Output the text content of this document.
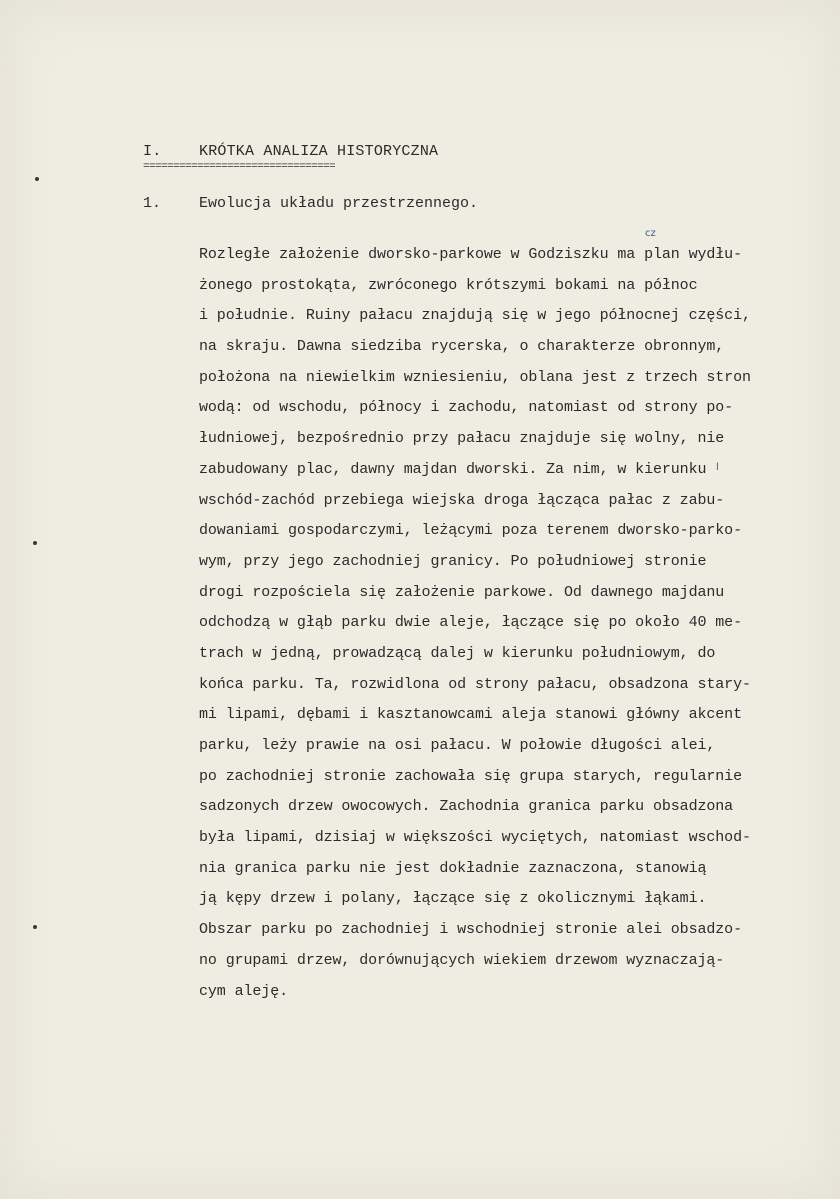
I.	KRÓTKA ANALIZA HISTORYCZNA
================================
1.	Ewolucja układu przestrzennego.
cz
l
Rozległe założenie dworsko-parkowe w Godziszku ma plan wydłu-
żonego prostokąta, zwróconego krótszymi bokami na północ
i południe. Ruiny pałacu znajdują się w jego północnej części,
na skraju. Dawna siedziba rycerska, o charakterze obronnym,
położona na niewielkim wzniesieniu, oblana jest z trzech stron
wodą: od wschodu, północy i zachodu, natomiast od strony po-
łudniowej, bezpośrednio przy pałacu znajduje się wolny, nie
zabudowany plac, dawny majdan dworski. Za nim, w kierunku
wschód-zachód przebiega wiejska droga łącząca pałac z zabu-
dowaniami gospodarczymi, leżącymi poza terenem dworsko-parko-
wym, przy jego zachodniej granicy. Po południowej stronie
drogi rozpościela się założenie parkowe. Od dawnego majdanu
odchodzą w głąb parku dwie aleje, łączące się po około 40 me-
trach w jedną, prowadzącą dalej w kierunku południowym, do
końca parku. Ta, rozwidlona od strony pałacu, obsadzona stary-
mi lipami, dębami i kasztanowcami aleja stanowi główny akcent
parku, leży prawie na osi pałacu. W połowie długości alei,
po zachodniej stronie zachowała się grupa starych, regularnie
sadzonych drzew owocowych. Zachodnia granica parku obsadzona
była lipami, dzisiaj w większości wyciętych, natomiast wschod-
nia granica parku nie jest dokładnie zaznaczona, stanowią
ją kępy drzew i polany, łączące się z okolicznymi łąkami.
Obszar parku po zachodniej i wschodniej stronie alei obsadzo-
no grupami drzew, dorównujących wiekiem drzewom wyznaczają-
cym aleję.
